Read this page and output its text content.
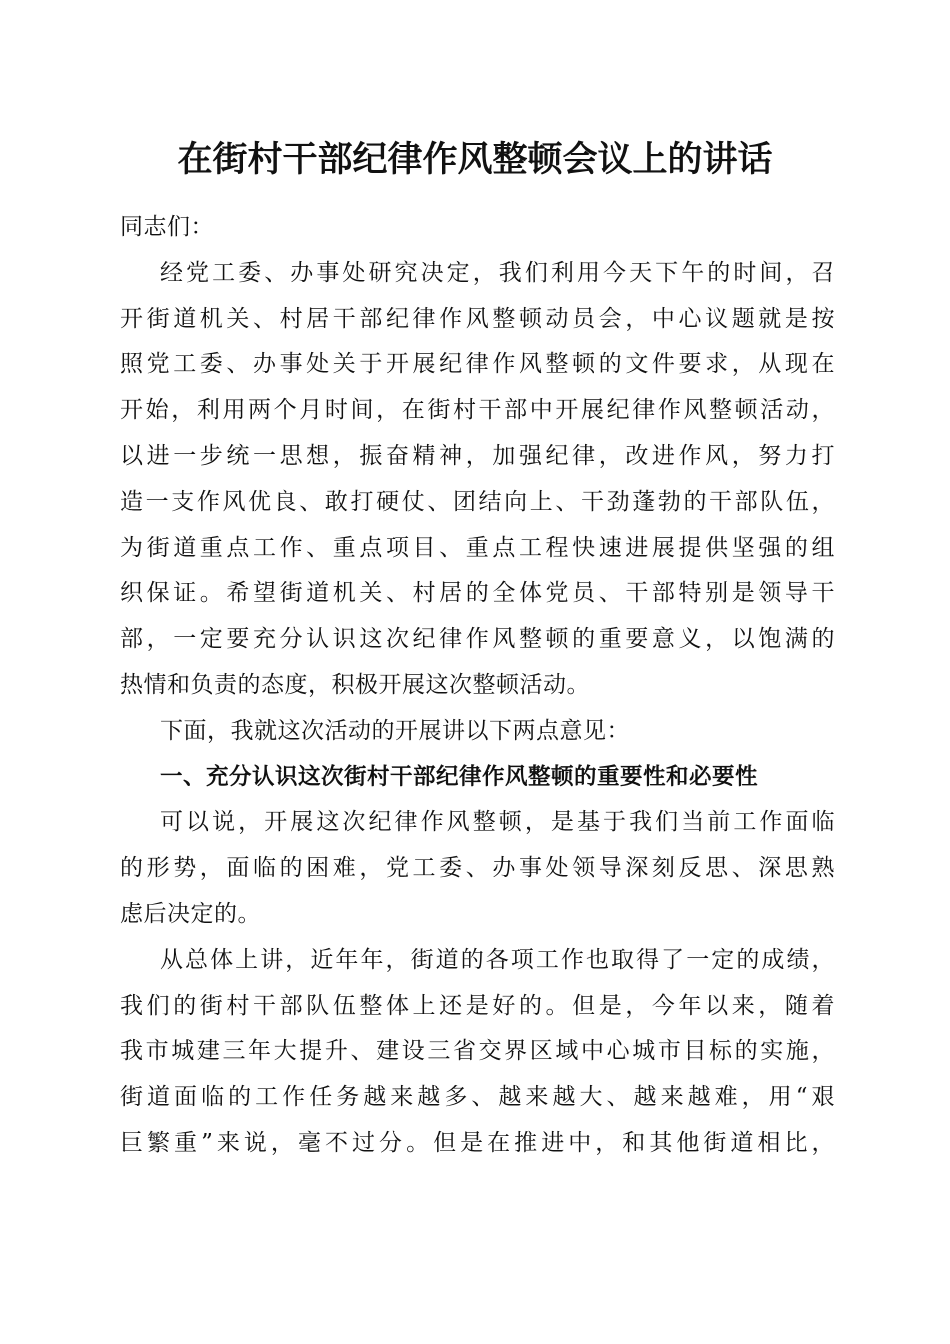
在街村干部纪律作风整顿会议上的讲话
同志们：
经党工委、办事处研究决定，我们利用今天下午的时间，召
开街道机关、村居干部纪律作风整顿动员会，中心议题就是按
照党工委、办事处关于开展纪律作风整顿的文件要求，从现在
开始，利用两个月时间，在街村干部中开展纪律作风整顿活动，
以进一步统一思想，振奋精神，加强纪律，改进作风，努力打
造一支作风优良、敢打硬仗、团结向上、干劲蓬勃的干部队伍，
为街道重点工作、重点项目、重点工程快速进展提供坚强的组
织保证。希望街道机关、村居的全体党员、干部特别是领导干
部，一定要充分认识这次纪律作风整顿的重要意义，以饱满的
热情和负责的态度，积极开展这次整顿活动。
下面，我就这次活动的开展讲以下两点意见：
一、充分认识这次街村干部纪律作风整顿的重要性和必要性
可以说，开展这次纪律作风整顿，是基于我们当前工作面临
的形势，面临的困难，党工委、办事处领导深刻反思、深思熟
虑后决定的。
从总体上讲，近年年，街道的各项工作也取得了一定的成绩，
我们的街村干部队伍整体上还是好的。但是，今年以来，随着
我市城建三年大提升、建设三省交界区域中心城市目标的实施，
街道面临的工作任务越来越多、越来越大、越来越难，用“艰
巨繁重”来说，毫不过分。但是在推进中，和其他街道相比，
